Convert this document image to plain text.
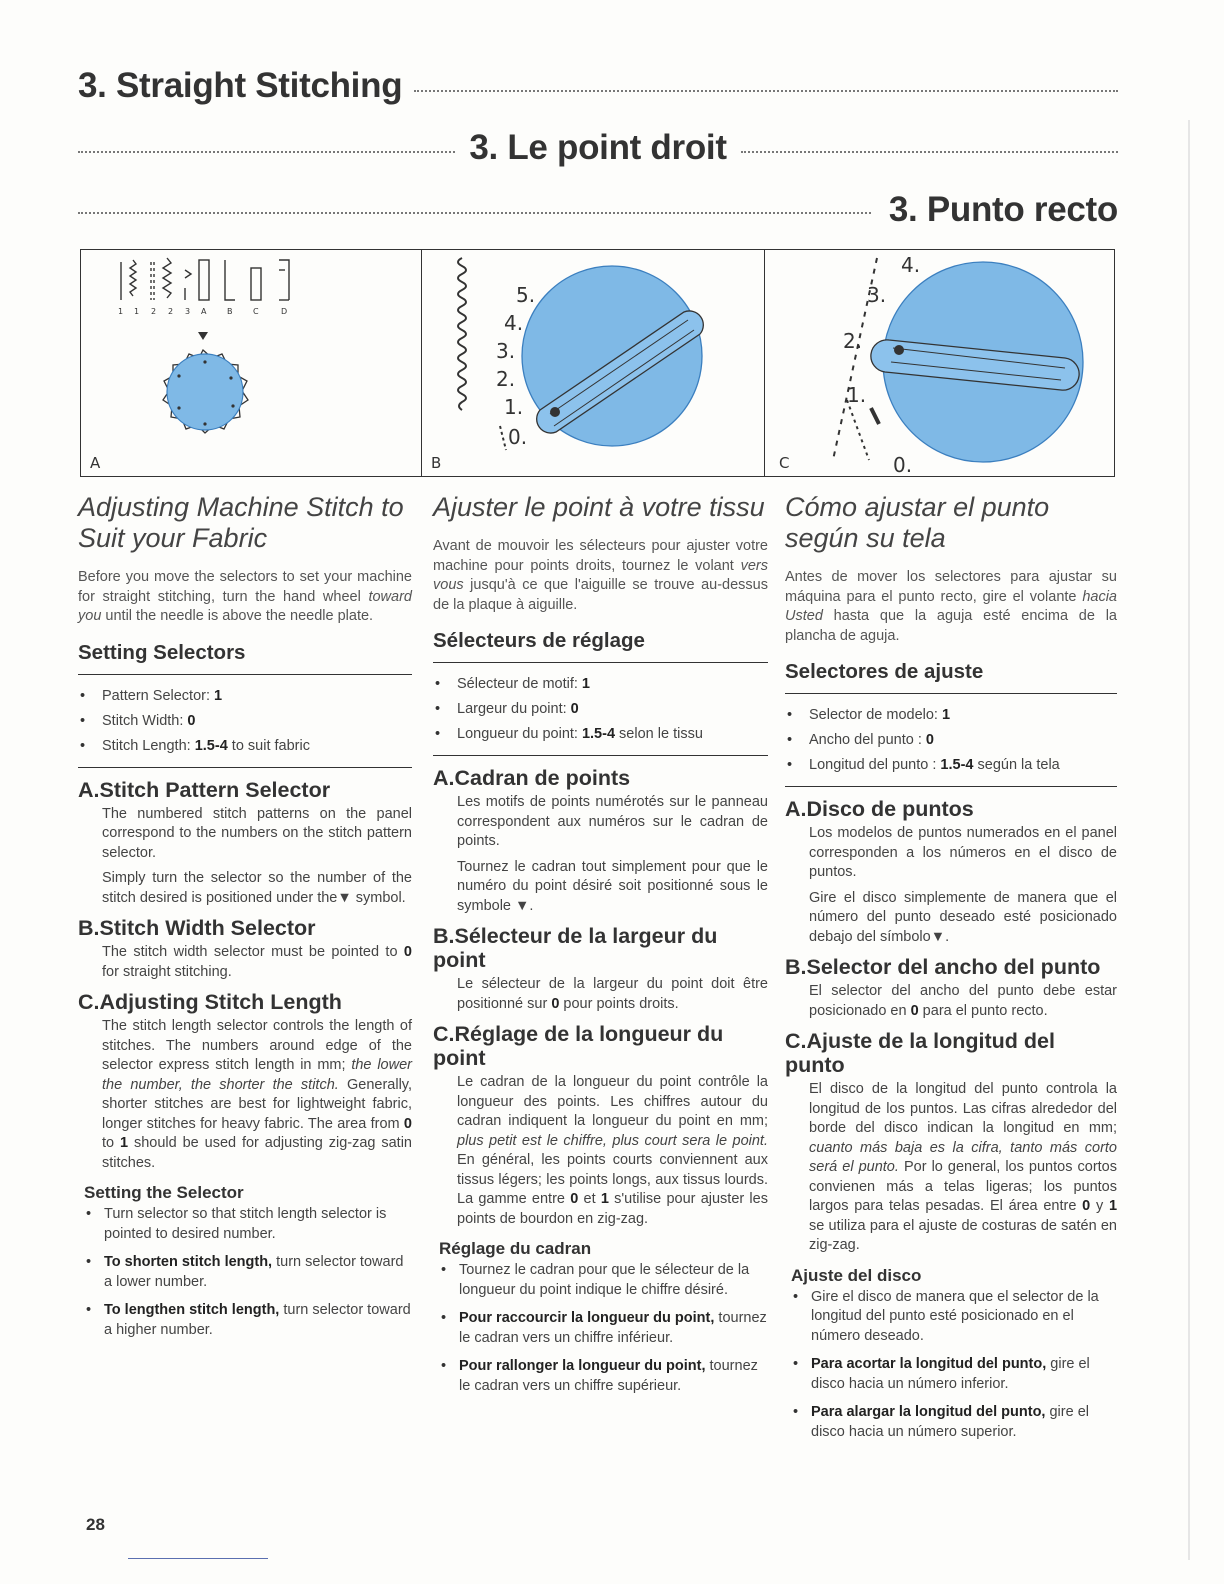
3. Straight Stitching
3. Le point droit
3. Punto recto
1 1 2 2 3 A	B	C	D
A
5.
4.
3.
2.
1.
0.
B
4.
3.
2.
1.
0.
C
Adjusting Machine Stitch to Suit your Fabric

Before you move the selectors to set your machine for straight stitching, turn the hand wheel toward you until the needle is above the needle plate.

Setting Selectors
• Pattern Selector: 1
• Stitch Width: 0
• Stitch Length: 1.5-4 to suit fabric
A.Stitch Pattern Selector

The numbered stitch patterns on the panel correspond to the numbers on the stitch pattern selector.

Simply turn the selector so the number of the stitch desired is positioned under the▼ symbol.

B.Stitch Width Selector

The stitch width selector must be pointed to 0 for straight stitching.

C.Adjusting Stitch Length

The stitch length selector controls the length of stitches. The numbers around edge of the selector express stitch length in mm; the lower the number, the shorter the stitch. Generally, shorter stitches are best for lightweight fabric, longer stitches for heavy fabric. The area from 0 to 1 should be used for adjusting zig-zag satin stitches.

Setting the Selector
• Turn selector so that stitch length selector is pointed to desired number.
• To shorten stitch length, turn selector toward a lower number.
• To lengthen stitch length, turn selector toward a higher number.
Ajuster le point à votre tissu

Avant de mouvoir les sélecteurs pour ajuster votre machine pour points droits, tournez le volant vers vous jusqu'à ce que l'aiguille se trouve au-dessus de la plaque à aiguille.

Sélecteurs de réglage
• Sélecteur de motif: 1
• Largeur du point: 0
• Longueur du point: 1.5-4 selon le tissu
A.Cadran de points

Les motifs de points numérotés sur le panneau correspondent aux numéros sur le cadran de points.

Tournez le cadran tout simplement pour que le numéro du point désiré soit positionné sous le symbole ▼.

B.Sélecteur de la largeur du point

Le sélecteur de la largeur du point doit être positionné sur 0 pour points droits.

C.Réglage de la longueur du point

Le cadran de la longueur du point contrôle la longueur des points. Les chiffres autour du cadran indiquent la longueur du point en mm; plus petit est le chiffre, plus court sera le point. En général, les points courts conviennent aux tissus légers; les points longs, aux tissus lourds. La gamme entre 0 et 1 s'utilise pour ajuster les points de bourdon en zig-zag.

Réglage du cadran
• Tournez le cadran pour que le sélecteur de la longueur du point indique le chiffre désiré.
• Pour raccourcir la longueur du point, tournez le cadran vers un chiffre inférieur.
• Pour rallonger la longueur du point, tournez le cadran vers un chiffre supérieur.
Cómo ajustar el punto según su tela

Antes de mover los selectores para ajustar su máquina para el punto recto, gire el volante hacia Usted hasta que la aguja esté encima de la plancha de aguja.

Selectores de ajuste
• Selector de modelo: 1
• Ancho del punto : 0
• Longitud del punto : 1.5-4 según la tela
A.Disco de puntos

Los modelos de puntos numerados en el panel corresponden a los números en el disco de puntos.

Gire el disco simplemente de manera que el número del punto deseado esté posicionado debajo del símbolo▼.

B.Selector del ancho del punto

El selector del ancho del punto debe estar posicionado en 0 para el punto recto.

C.Ajuste de la longitud del punto

El disco de la longitud del punto controla la longitud de los puntos. Las cifras alrededor del borde del disco indican la longitud en mm; cuanto más baja es la cifra, tanto más corto será el punto. Por lo general, los puntos cortos convienen más a telas ligeras; los puntos largos para telas pesadas. El área entre 0 y 1 se utiliza para el ajuste de costuras de satén en zig-zag.

Ajuste del disco
• Gire el disco de manera que el selector de la longitud del punto esté posicionado en el número deseado.
• Para acortar la longitud del punto, gire el disco hacia un número inferior.
• Para alargar la longitud del punto, gire el disco hacia un número superior.
28
